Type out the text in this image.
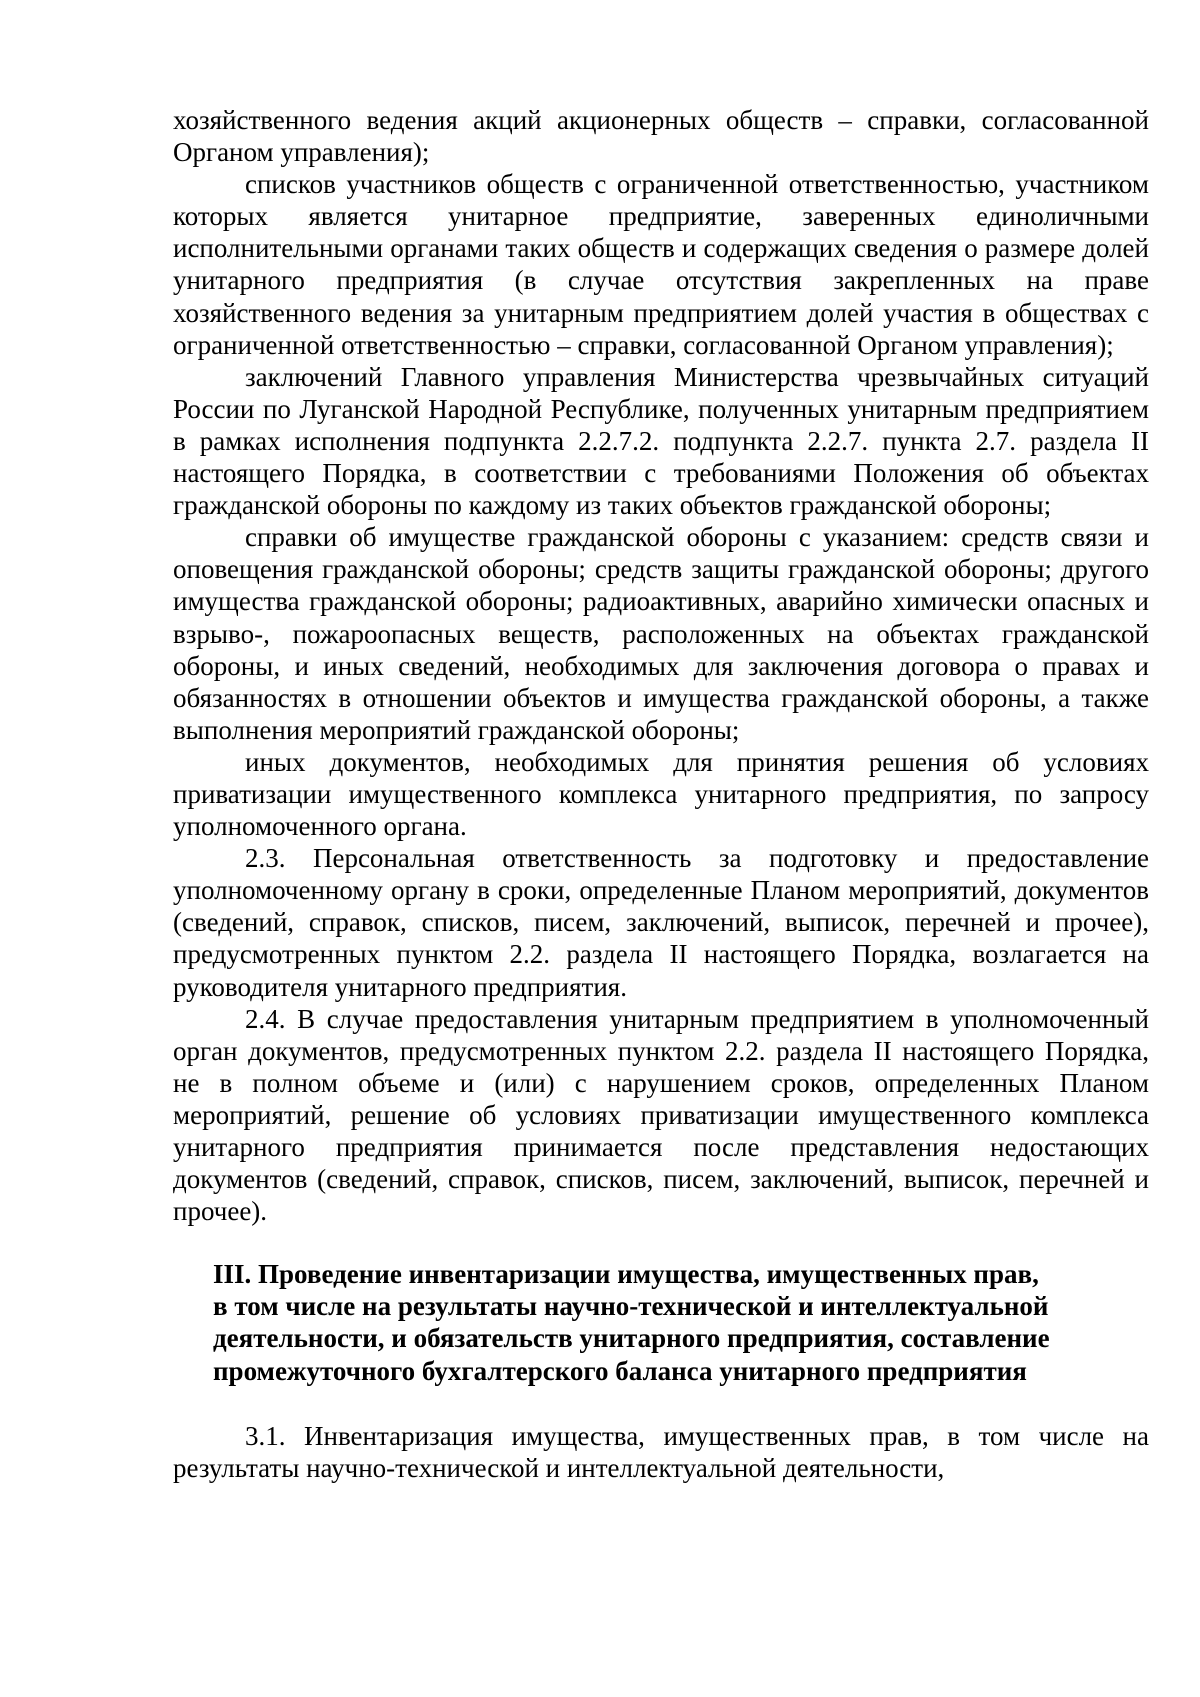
хозяйственного ведения акций акционерных обществ – справки, согласованной Органом управления);

списков участников обществ с ограниченной ответственностью, участником которых является унитарное предприятие, заверенных единоличными исполнительными органами таких обществ и содержащих сведения о размере долей унитарного предприятия (в случае отсутствия закрепленных на праве хозяйственного ведения за унитарным предприятием долей участия в обществах с ограниченной ответственностью – справки, согласованной Органом управления);

заключений Главного управления Министерства чрезвычайных ситуаций России по Луганской Народной Республике, полученных унитарным предприятием в рамках исполнения подпункта 2.2.7.2. подпункта 2.2.7. пункта 2.7. раздела II настоящего Порядка, в соответствии с требованиями Положения об объектах гражданской обороны по каждому из таких объектов гражданской обороны;

справки об имуществе гражданской обороны с указанием: средств связи и оповещения гражданской обороны; средств защиты гражданской обороны; другого имущества гражданской обороны; радиоактивных, аварийно химически опасных и взрыво-, пожароопасных веществ, расположенных на объектах гражданской обороны, и иных сведений, необходимых для заключения договора о правах и обязанностях в отношении объектов и имущества гражданской обороны, а также выполнения мероприятий гражданской обороны;

иных документов, необходимых для принятия решения об условиях приватизации имущественного комплекса унитарного предприятия, по запросу уполномоченного органа.

2.3. Персональная ответственность за подготовку и предоставление уполномоченному органу в сроки, определенные Планом мероприятий, документов (сведений, справок, списков, писем, заключений, выписок, перечней и прочее), предусмотренных пунктом 2.2. раздела II настоящего Порядка, возлагается на руководителя унитарного предприятия.

2.4. В случае предоставления унитарным предприятием в уполномоченный орган документов, предусмотренных пунктом 2.2. раздела II настоящего Порядка, не в полном объеме и (или) с нарушением сроков, определенных Планом мероприятий, решение об условиях приватизации имущественного комплекса унитарного предприятия принимается после представления недостающих документов (сведений, справок, списков, писем, заключений, выписок, перечней и прочее).

III. Проведение инвентаризации имущества, имущественных прав,
в том числе на результаты научно-технической и интеллектуальной
деятельности, и обязательств унитарного предприятия, составление
промежуточного бухгалтерского баланса унитарного предприятия

3.1. Инвентаризация имущества, имущественных прав, в том числе на результаты научно-технической и интеллектуальной деятельности,
